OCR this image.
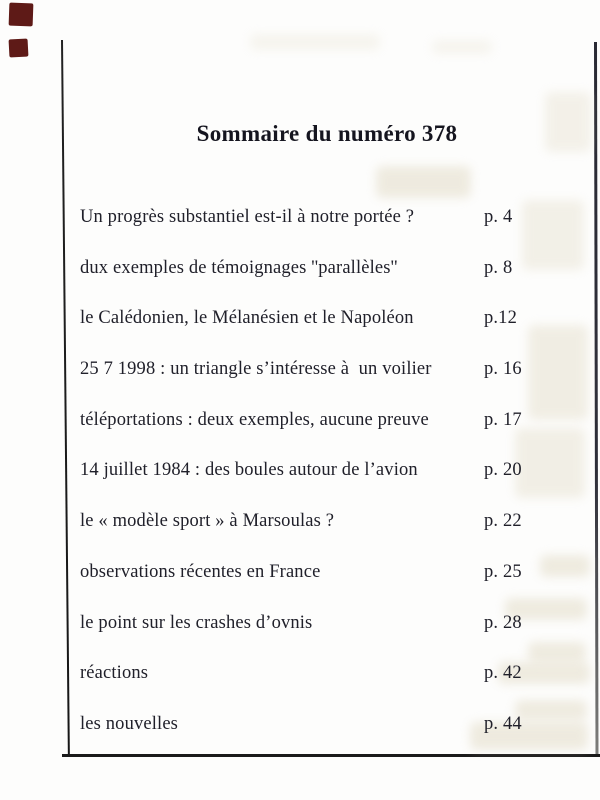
Sommaire du numéro 378
Un progrès substantiel est-il à notre portée ?	p. 4
dux exemples de témoignages ''parallèles''	p. 8
le Calédonien, le Mélanésien et le Napoléon	p.12
25 7 1998 : un triangle s’intéresse à  un voilier	p. 16
téléportations : deux exemples, aucune preuve	p. 17
14 juillet 1984 : des boules autour de l’avion	p. 20
le « modèle sport » à Marsoulas ?	p. 22
observations récentes en France	p. 25
le point sur les crashes d’ovnis	p. 28
réactions	p. 42
les nouvelles	p. 44
